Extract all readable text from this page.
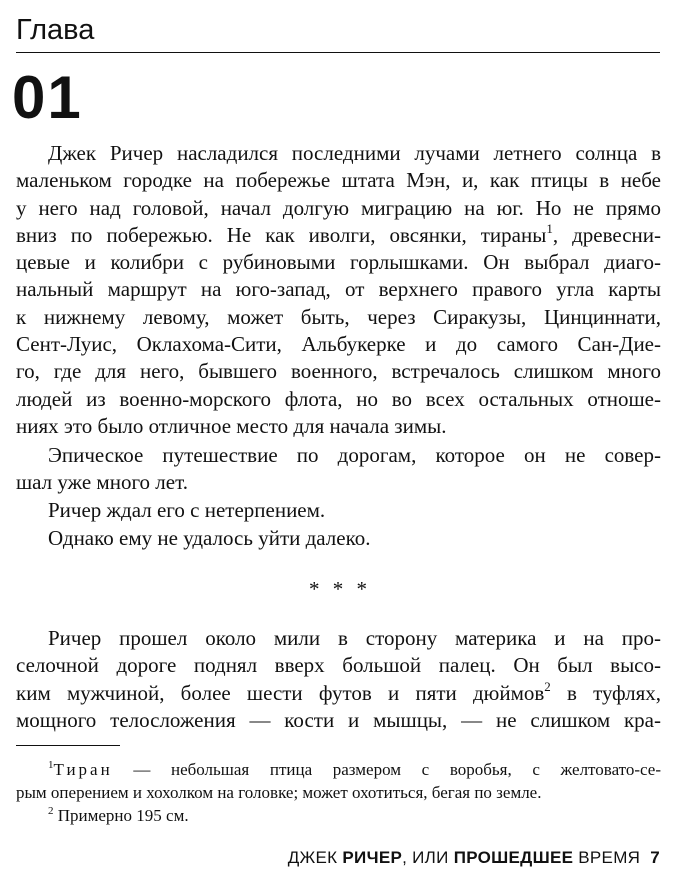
Глава
01
Джек Ричер насладился последними лучами летнего солнца в
маленьком городке на побережье штата Мэн, и, как птицы в небе
у него над головой, начал долгую миграцию на юг. Но не прямо
вниз по побережью. Не как иволги, овсянки, тираны$^1$, древесни-
цевые и колибри с рубиновыми горлышками. Он выбрал диаго-
нальный маршрут на юго-запад, от верхнего правого угла карты
к нижнему левому, может быть, через Сиракузы, Цинциннати,
Сент-Луис, Оклахома-Сити, Альбукерке и до самого Сан-Дие-
го, где для него, бывшего военного, встречалось слишком много
людей из военно-морского флота, но во всех остальных отноше-
ниях это было отличное место для начала зимы.
Эпическое путешествие по дорогам, которое он не совер-
шал уже много лет.
Ричер ждал его с нетерпением.
Однако ему не удалось уйти далеко.
* * *
Ричер прошел около мили в сторону материка и на про-
селочной дороге поднял вверх большой палец. Он был высо-
ким мужчиной, более шести футов и пяти дюймов$^2$ в туфлях,
мощного телосложения — кости и мышцы, — не слишком кра-
$^1$Тиран — небольшая птица размером с воробья, с желтовато-се-
рым оперением и хохолком на головке; может охотиться, бегая по земле.
$^2$ Примерно 195 см.
ДЖЕК РИЧЕР, ИЛИ ПРОШЕДШЕЕ ВРЕМЯ 7
